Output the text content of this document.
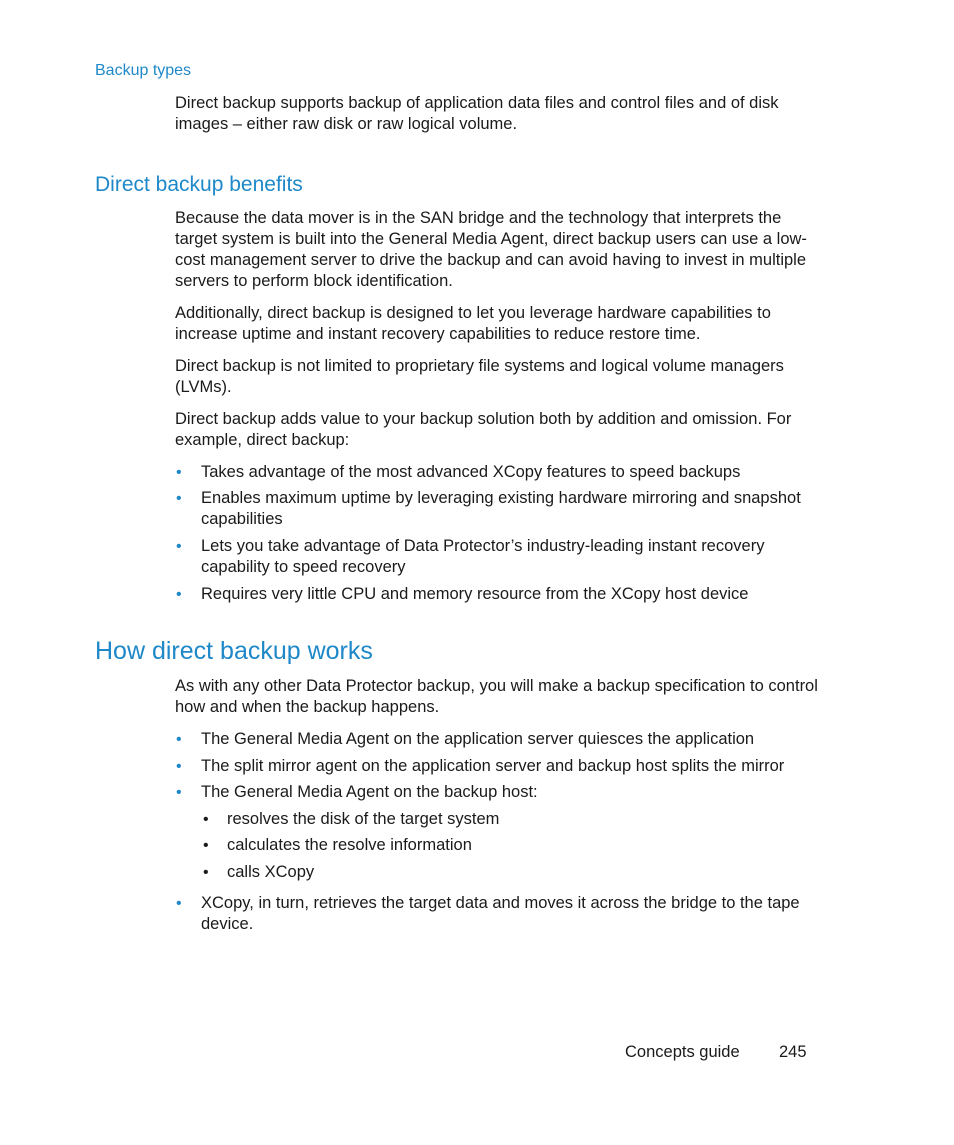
Backup types

Direct backup supports backup of application data files and control files and of disk images – either raw disk or raw logical volume.

Direct backup benefits

Because the data mover is in the SAN bridge and the technology that interprets the target system is built into the General Media Agent, direct backup users can use a low-cost management server to drive the backup and can avoid having to invest in multiple servers to perform block identification.

Additionally, direct backup is designed to let you leverage hardware capabilities to increase uptime and instant recovery capabilities to reduce restore time.

Direct backup is not limited to proprietary file systems and logical volume managers (LVMs).

Direct backup adds value to your backup solution both by addition and omission. For example, direct backup:

• Takes advantage of the most advanced XCopy features to speed backups
• Enables maximum uptime by leveraging existing hardware mirroring and snapshot capabilities
• Lets you take advantage of Data Protector’s industry-leading instant recovery capability to speed recovery
• Requires very little CPU and memory resource from the XCopy host device
How direct backup works

As with any other Data Protector backup, you will make a backup specification to control how and when the backup happens.

• The General Media Agent on the application server quiesces the application
• The split mirror agent on the application server and backup host splits the mirror
• The General Media Agent on the backup host:
• resolves the disk of the target system
• calculates the resolve information
• calls XCopy
• XCopy, in turn, retrieves the target data and moves it across the bridge to the tape device.
Concepts guide 245
